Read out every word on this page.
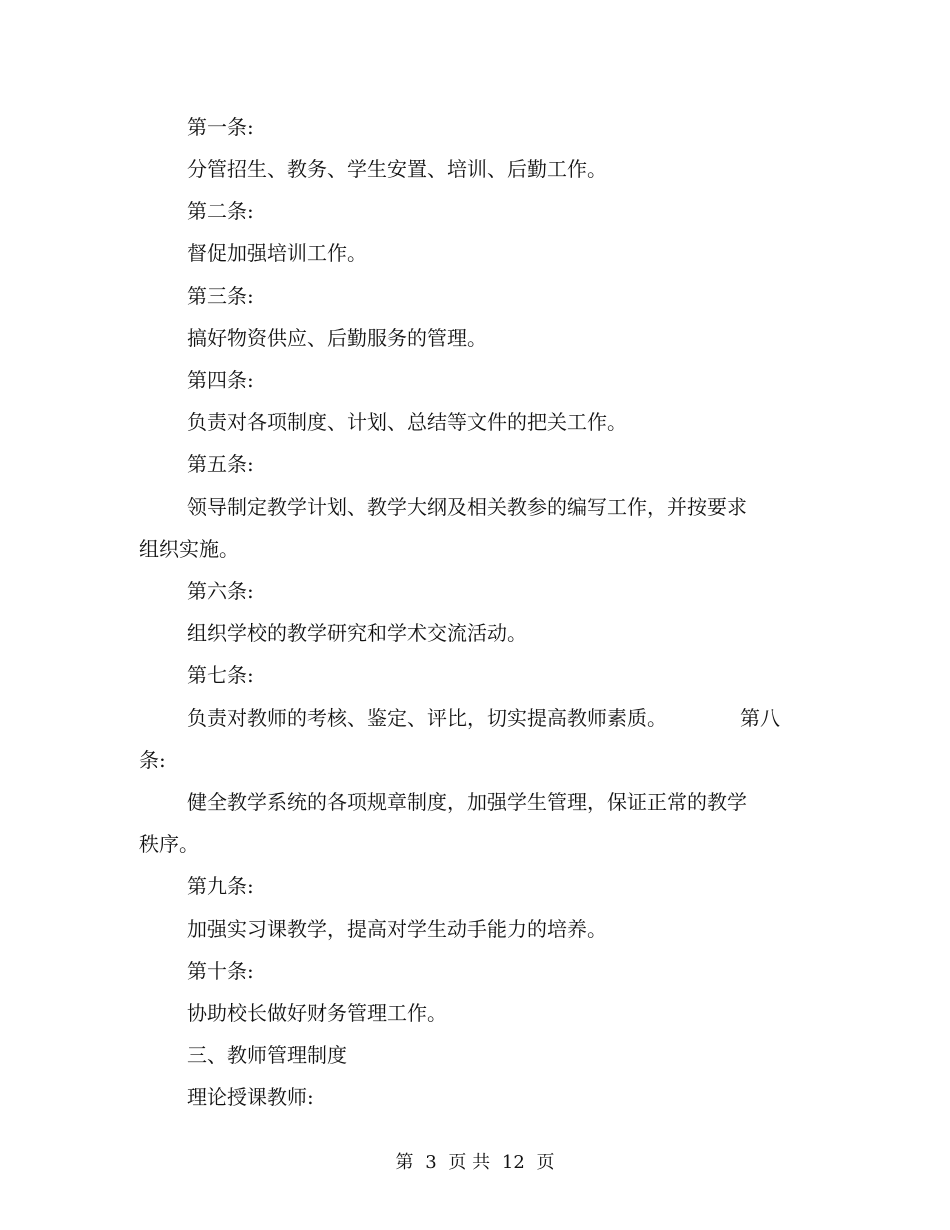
第一条:
分管招生、教务、学生安置、培训、后勤工作。
第二条:
督促加强培训工作。
第三条:
搞好物资供应、后勤服务的管理。
第四条:
负责对各项制度、计划、总结等文件的把关工作。
第五条:
领导制定教学计划、教学大纲及相关教参的编写工作，并按要求
组织实施。
第六条:
组织学校的教学研究和学术交流活动。
第七条:
负责对教师的考核、鉴定、评比，切实提高教师素质。	第八
条:
健全教学系统的各项规章制度，加强学生管理，保证正常的教学
秩序。
第九条:
加强实习课教学，提高对学生动手能力的培养。
第十条:
协助校长做好财务管理工作。
三、教师管理制度
理论授课教师:
第 3 页 共 12 页
